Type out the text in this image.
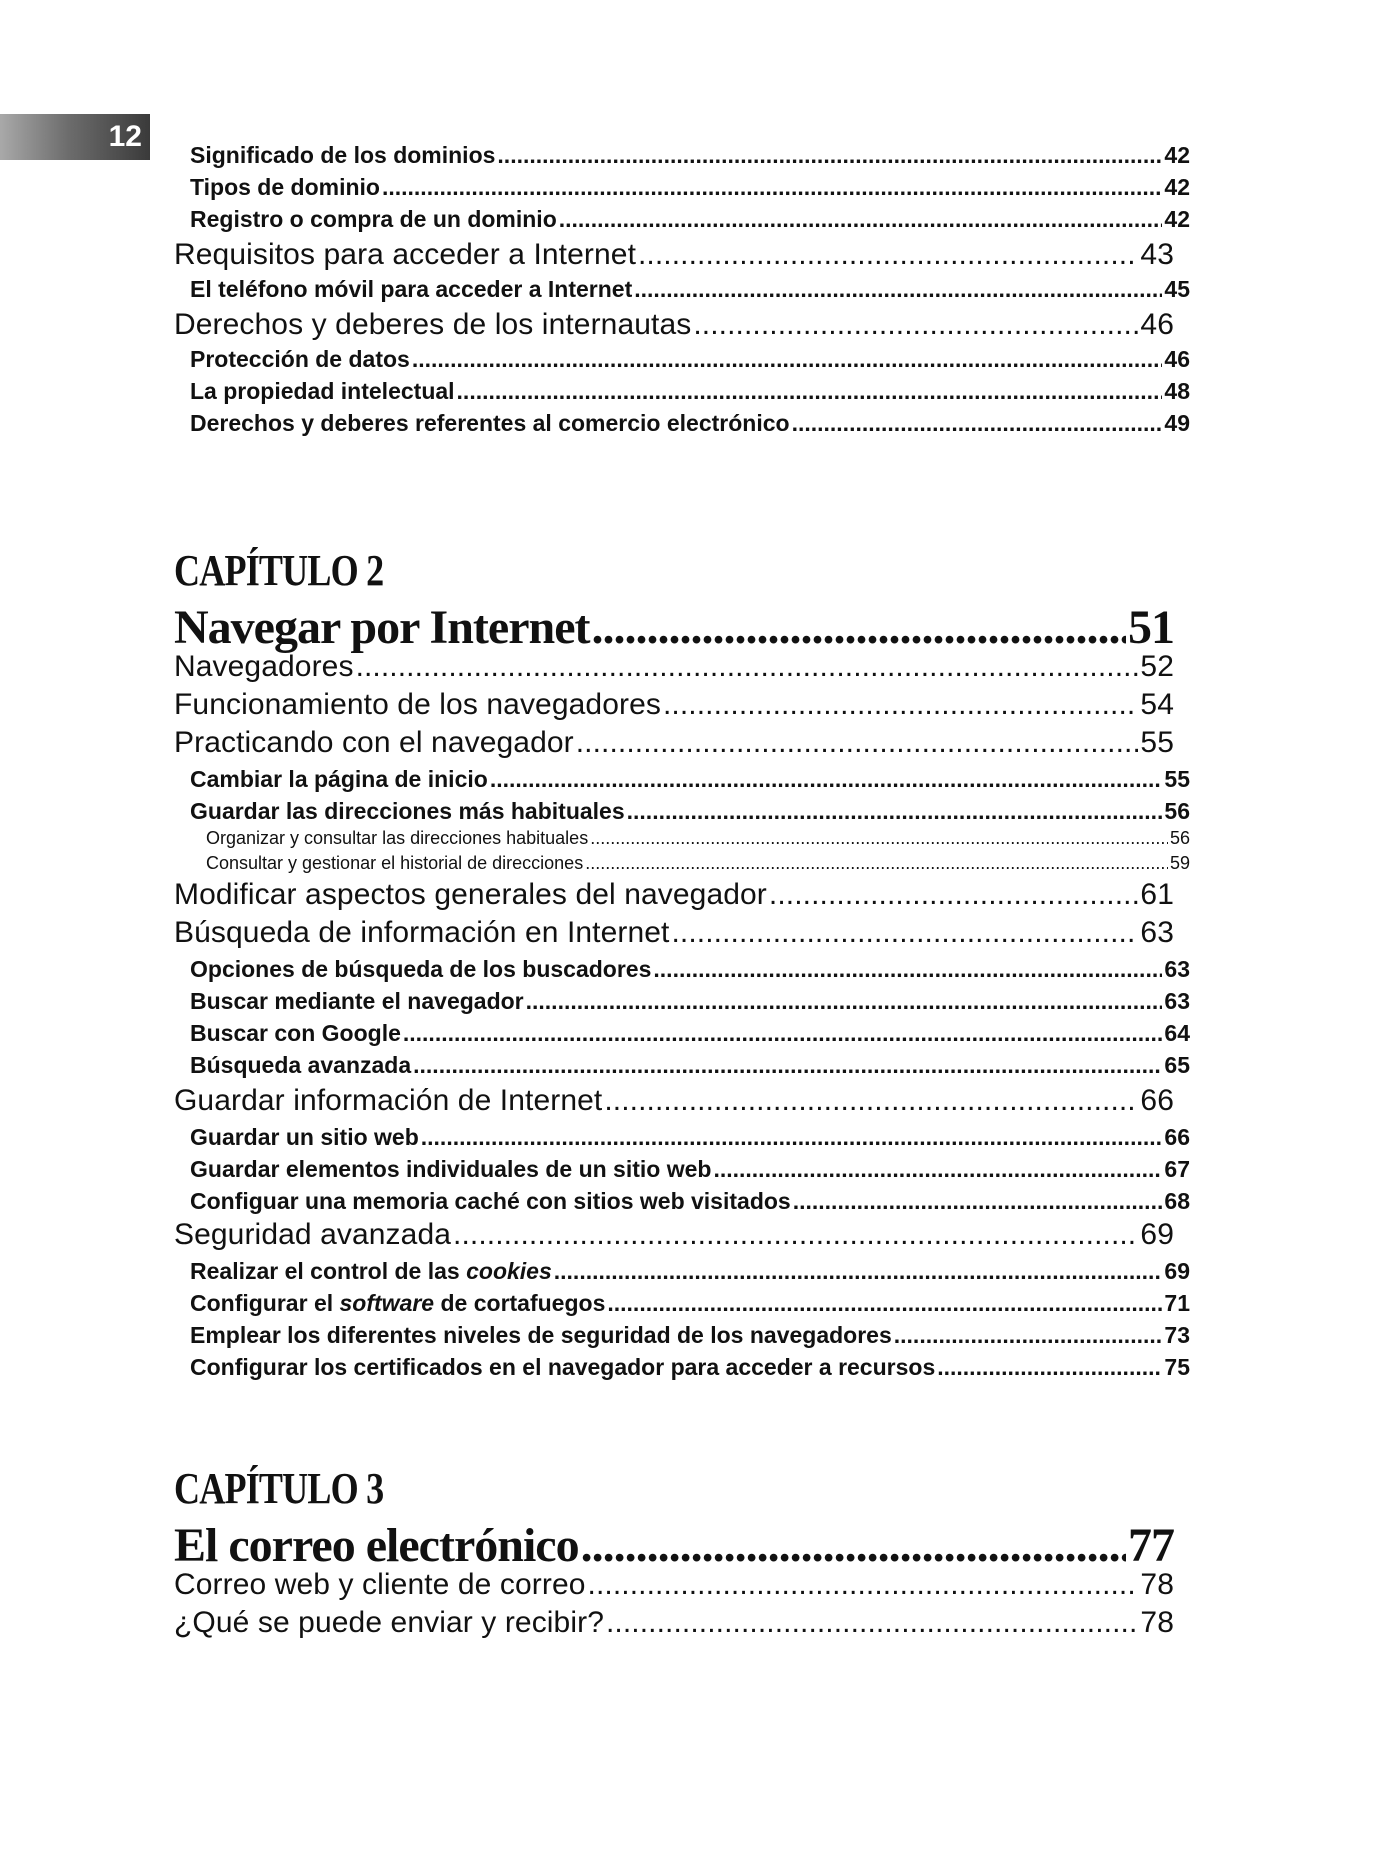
12
Significado de los dominios .....	42
Tipos de dominio .....	42
Registro o compra de un dominio .....	42
Requisitos para acceder a Internet .....	43
El teléfono móvil para acceder a Internet .....	45
Derechos y deberes de los internautas .....	46
Protección de datos .....	46
La propiedad intelectual .....	48
Derechos y deberes referentes al comercio electrónico .....	49
CAPÍTULO 2
Navegar por Internet .....	51
Navegadores .....	52
Funcionamiento de los navegadores .....	54
Practicando con el navegador .....	55
Cambiar la página de inicio .....	55
Guardar las direcciones más habituales .....	56
Organizar y consultar las direcciones habituales .....	56
Consultar y gestionar el historial de direcciones .....	59
Modificar aspectos generales del navegador .....	61
Búsqueda de información en Internet .....	63
Opciones de búsqueda de los buscadores .....	63
Buscar mediante el navegador .....	63
Buscar con Google .....	64
Búsqueda avanzada .....	65
Guardar información de Internet .....	66
Guardar un sitio web .....	66
Guardar elementos individuales de un sitio web .....	67
Configuar una memoria caché con sitios web visitados .....	68
Seguridad avanzada .....	69
Realizar el control de las cookies .....	69
Configurar el software de cortafuegos .....	71
Emplear los diferentes niveles de seguridad de los navegadores .....	73
Configurar los certificados en el navegador para acceder a recursos .....	75
CAPÍTULO 3
El correo electrónico .....	77
Correo web y cliente de correo .....	78
¿Qué se puede enviar y recibir? .....	78
